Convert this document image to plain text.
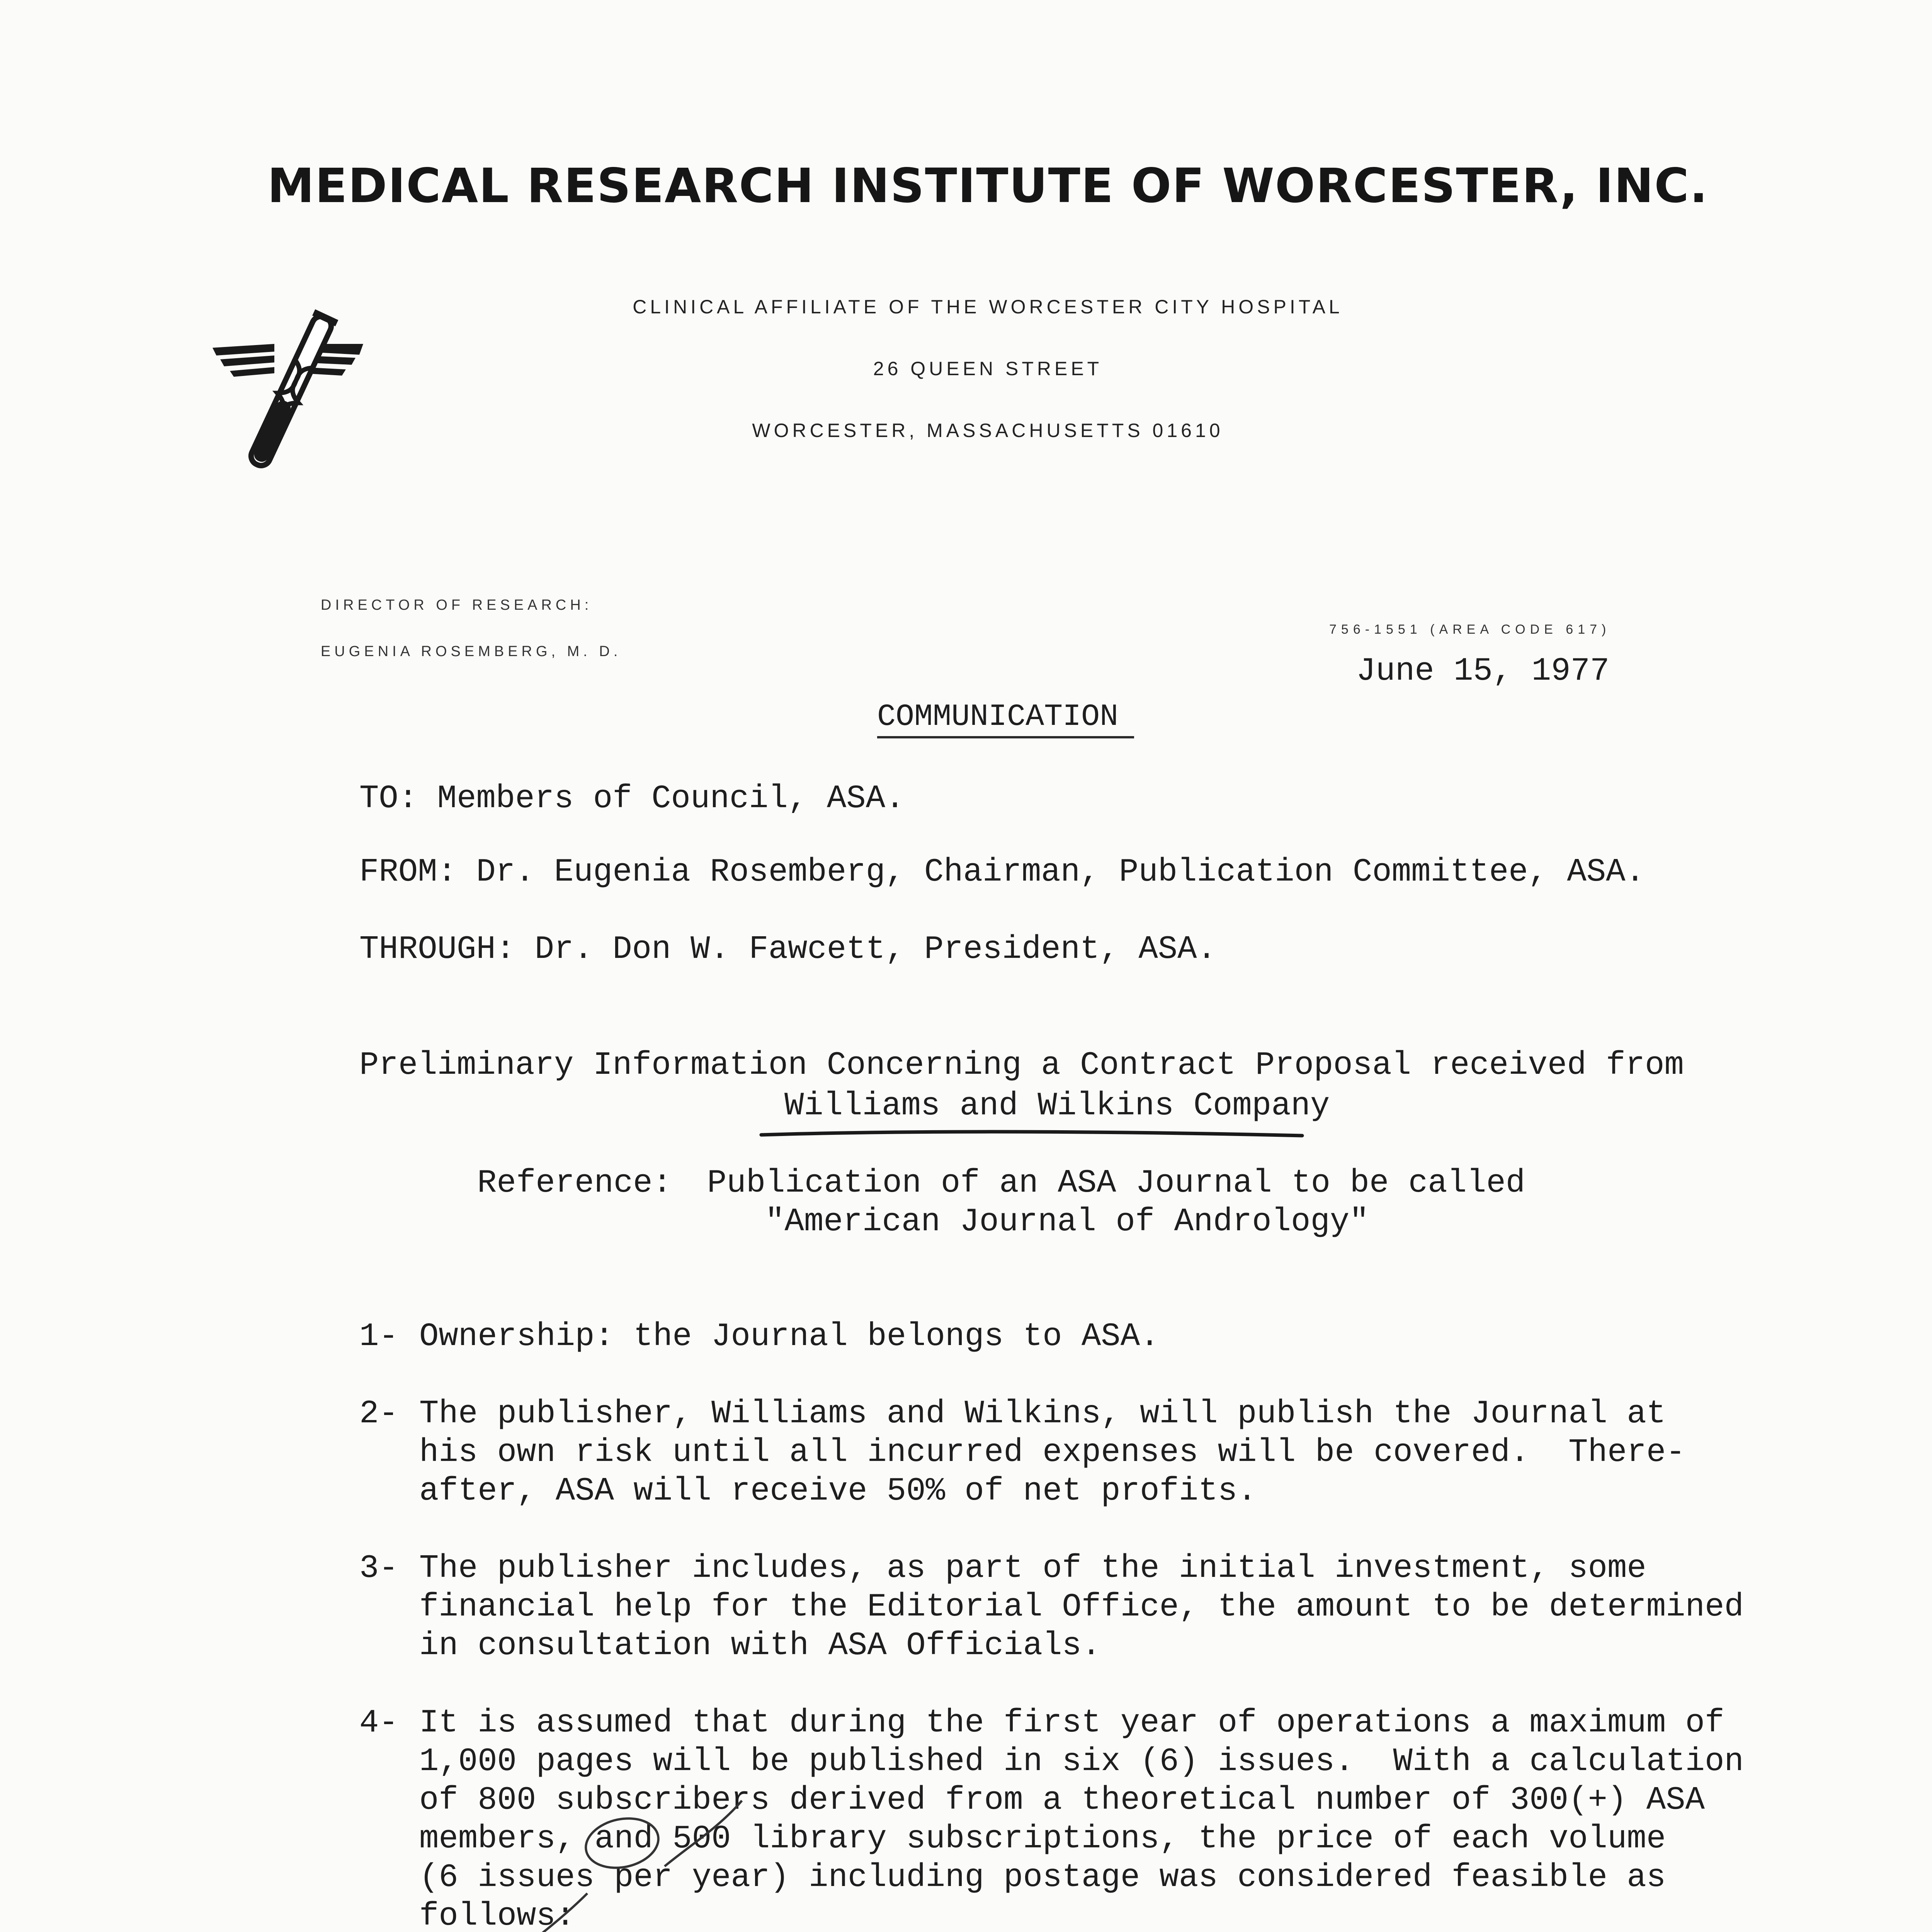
MEDICAL RESEARCH INSTITUTE OF WORCESTER, INC.
CLINICAL AFFILIATE OF THE WORCESTER CITY HOSPITAL
26 QUEEN STREET
WORCESTER, MASSACHUSETTS 01610
DIRECTOR OF RESEARCH:
EUGENIA ROSEMBERG, M. D.
756-1551 (AREA CODE 617)
June 15, 1977
COMMUNICATION
TO: Members of Council, ASA.
FROM: Dr. Eugenia Rosemberg, Chairman, Publication Committee, ASA.
THROUGH: Dr. Don W. Fawcett, President, ASA.
Preliminary Information Concerning a Contract Proposal received from
Williams and Wilkins Company
Reference: Publication of an ASA Journal to be called
"American Journal of Andrology"
1- Ownership: the Journal belongs to ASA.
2- The publisher, Williams and Wilkins, will publish the Journal at
his own risk until all incurred expenses will be covered.  There-
after, ASA will receive 50% of net profits.
3- The publisher includes, as part of the initial investment, some
financial help for the Editorial Office, the amount to be determined
in consultation with ASA Officials.
4- It is assumed that during the first year of operations a maximum of
1,000 pages will be published in six (6) issues.  With a calculation
of 800 subscribers derived from a theoretical number of 300(+) ASA
members, and 500 library subscriptions, the price of each volume
(6 issues per year) including postage was considered feasible as
follows:
